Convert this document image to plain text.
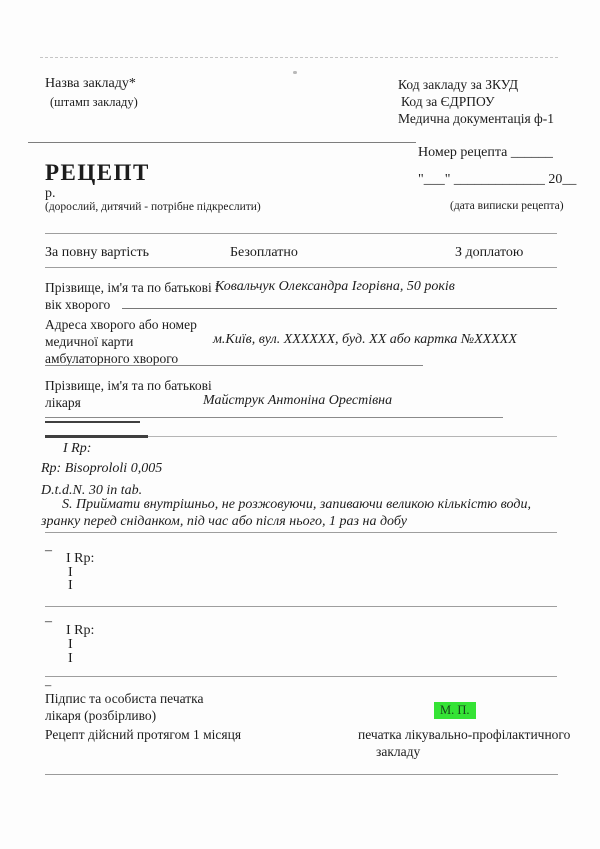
Назва закладу*
(штамп закладу)
Код закладу за ЗКУД
Код за ЄДРПОУ
Медична документація ф-1
РЕЦЕПТ
р.
(дорослий, дитячий - потрібне підкреслити)
Номер рецепта ______
"___" _____________ 20__
(дата виписки рецепта)
За повну вартість	Безоплатно	З доплатою
Прізвище, ім'я та по батькові і
Ковальчук Олександра Ігорівна, 50 років
вік хворого
Адреса хворого або номер
медичної карти	м.Київ, вул. ХХХХХХ, буд. ХХ або картка №ХХХХХ
амбулаторного хворого
Прізвище, ім'я та по батькові
лікаря	Майструк Антоніна Орестівна
I Rp:
Rp: Bisoprololi 0,005
D.t.d.N. 30 in tab.
S. Приймати внутрішньо, не розжовуючи, запиваючи великою кількістю води, зранку перед сніданком, під час або після нього, 1 раз на добу
–
I Rp:
I
I
–
I Rp:
I
I
–
Підпис та особиста печатка
лікаря (розбірливо)	М. П.
Рецепт дійсний протягом 1 місяця	печатка лікувально-профілактичного
закладу
